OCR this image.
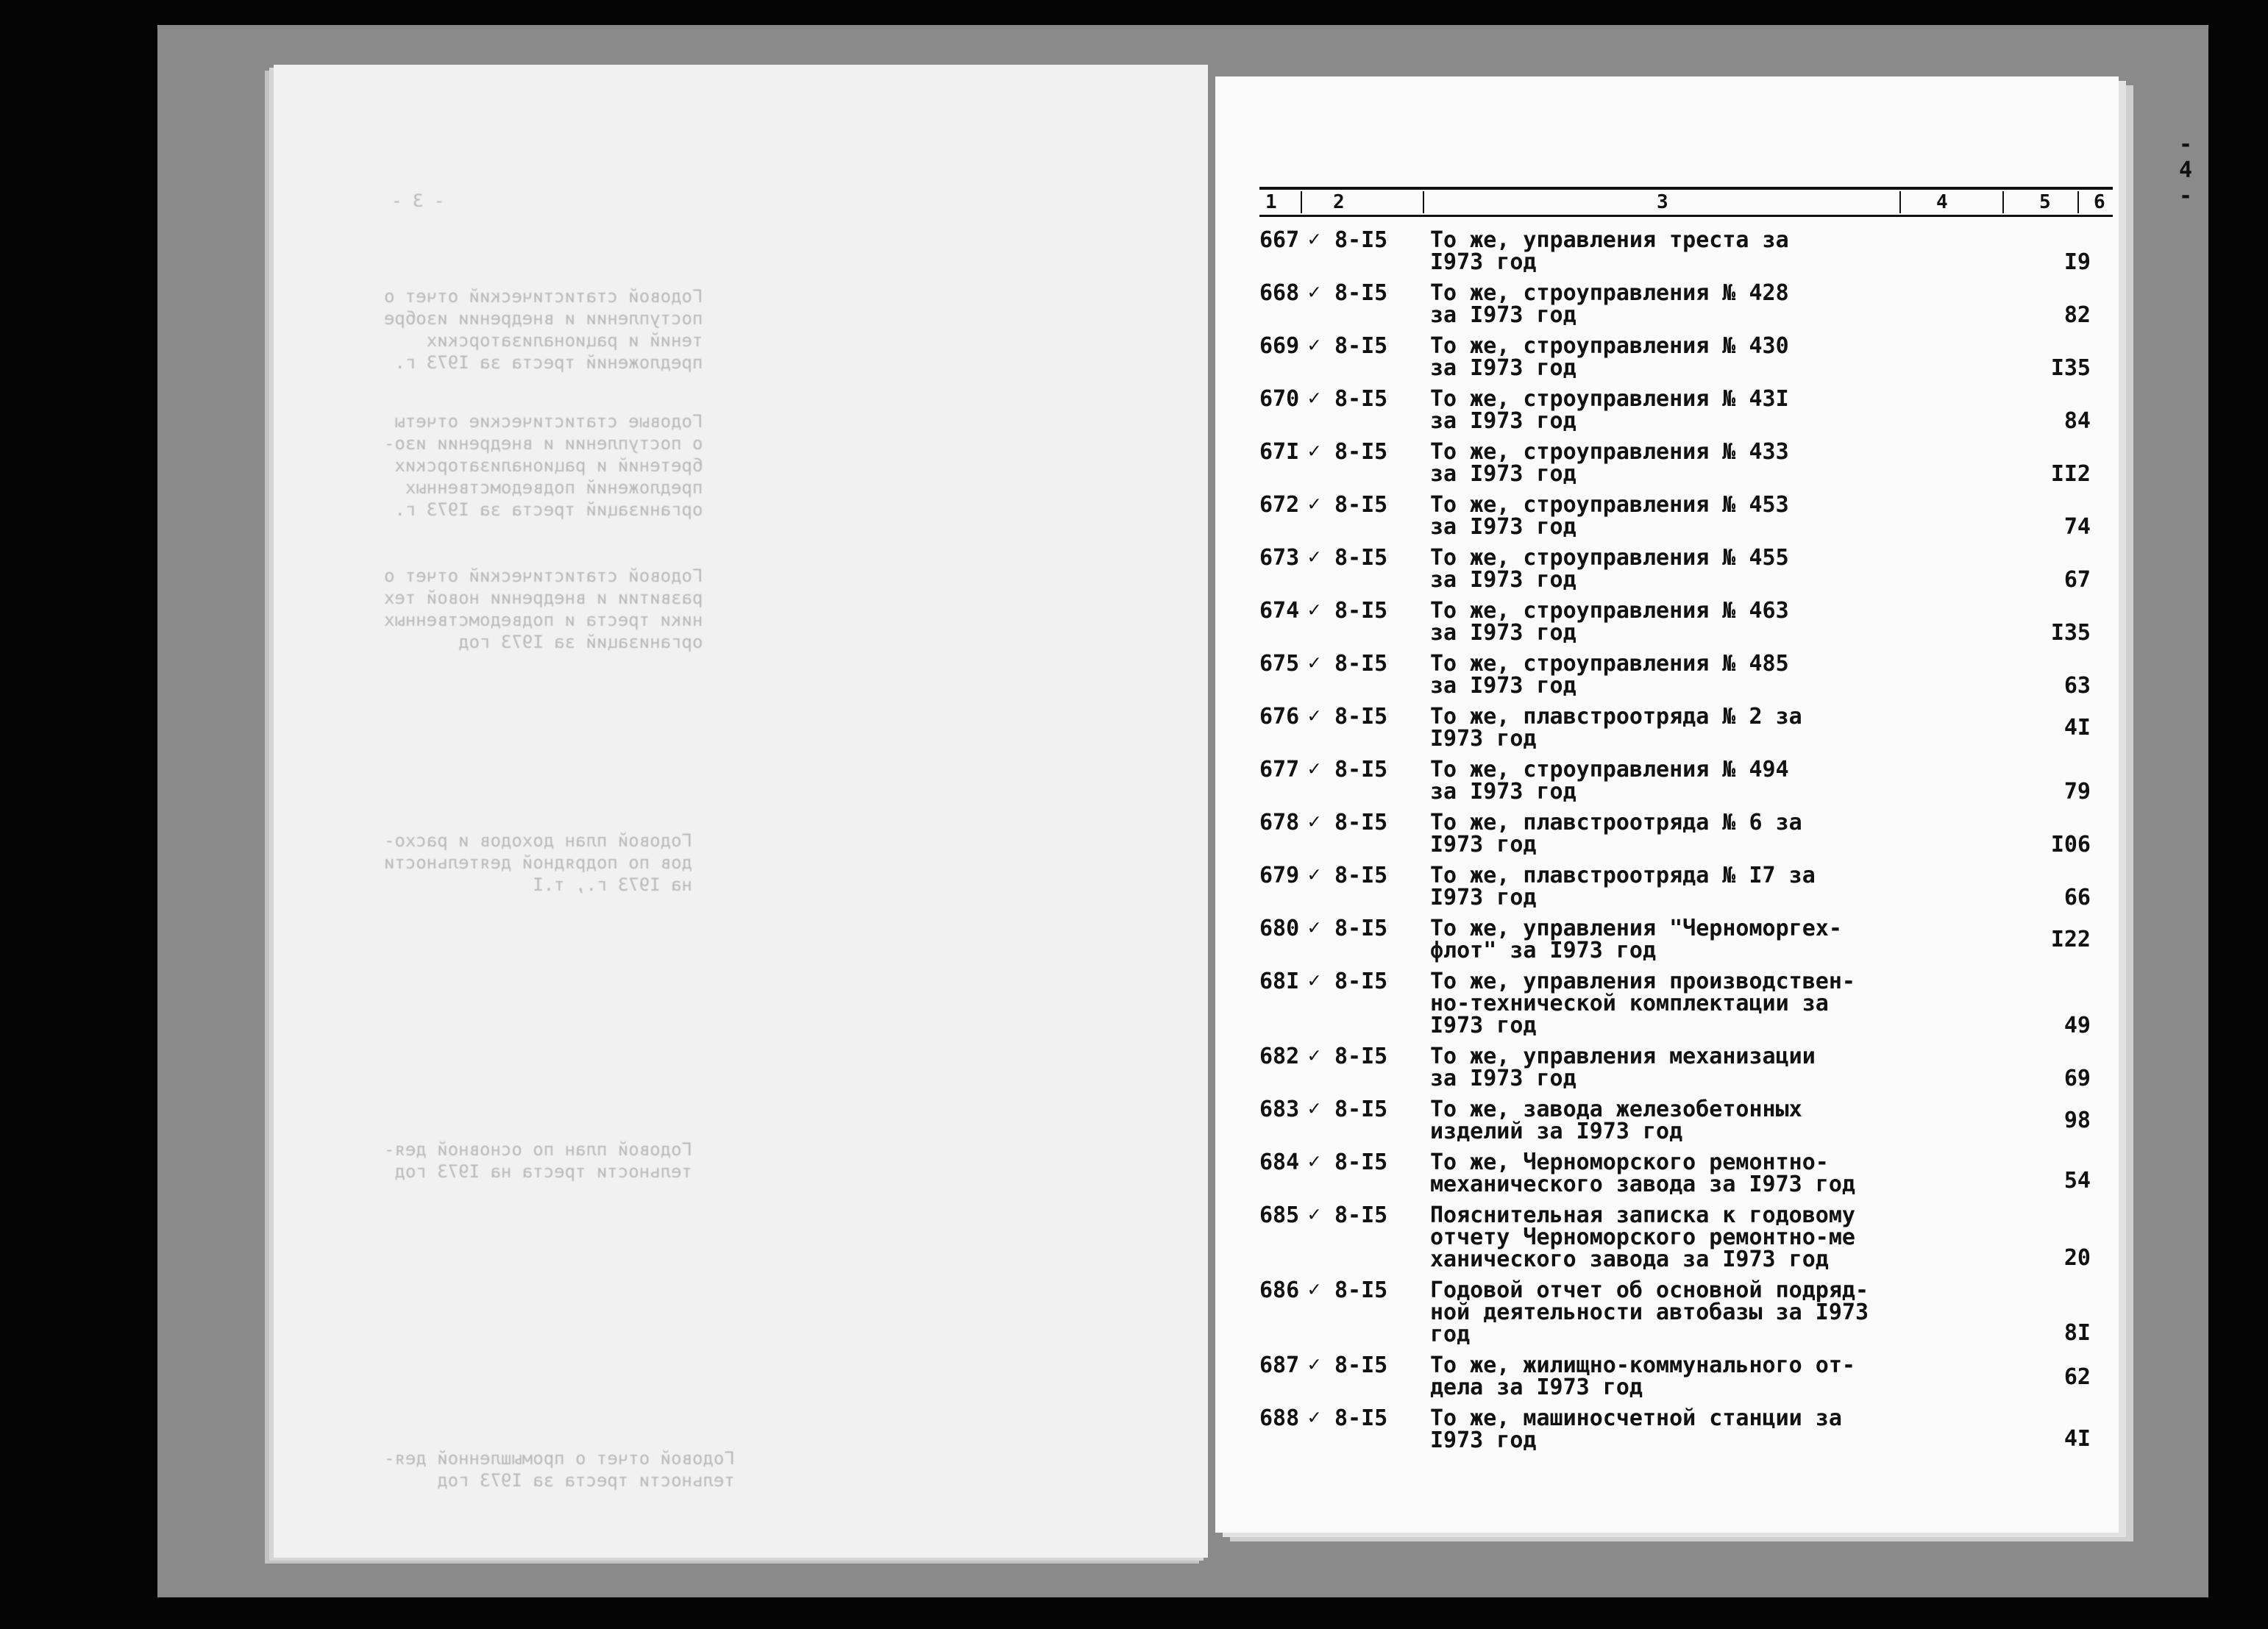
- 3 -
Годовой статистический отчет о
поступлении и внедрении изобре
тений и рационализаторских
предложений треста за I973 г.
Годовые статистические отчеты
о поступлении и внедрении изо-
бретений и рационализаторских
предложений подведомственных
организаций треста за I973 г.
Годовой статистический отчет о
развитии и внедрении новой тех
ники треста и подведомственных
организаций за I973 год
Годовой план доходов и расхо-
дов по подрядной деятельности
на I973 г., т.I
Годовой план по основной дея-
тельности треста на I973 год
Годовой отчет о промышленной дея-
тельности треста за I973 год
- 4 -
1	2	3	4	5 6
667 ✓ 8-I5	То же, управления треста за
I973 год	I9
668 ✓ 8-I5	То же, строуправления № 428
за I973 год	82
669 ✓ 8-I5	То же, строуправления № 430
за I973 год	I35
670 ✓ 8-I5	То же, строуправления № 43I
за I973 год	84
67I ✓ 8-I5	То же, строуправления № 433
за I973 год	II2
672 ✓ 8-I5	То же, строуправления № 453
за I973 год	74
673 ✓ 8-I5	То же, строуправления № 455
за I973 год	67
674 ✓ 8-I5	То же, строуправления № 463
за I973 год	I35
675 ✓ 8-I5	То же, строуправления № 485
за I973 год	63
676 ✓ 8-I5	То же, плавстроотряда № 2 за
I973 год	4I
677 ✓ 8-I5	То же, строуправления № 494
за I973 год	79
678 ✓ 8-I5	То же, плавстроотряда № 6 за
I973 год	I06
679 ✓ 8-I5	То же, плавстроотряда № I7 за
I973 год	66
680 ✓ 8-I5	То же, управления "Черноморгех-
флот" за I973 год	I22
68I ✓ 8-I5	То же, управления производствен-
но-технической комплектации за
I973 год	49
682 ✓ 8-I5	То же, управления механизации
за I973 год	69
683 ✓ 8-I5	То же, завода железобетонных
изделий за I973 год	98
684 ✓ 8-I5	То же, Черноморского ремонтно-
механического завода за I973 год	54
685 ✓ 8-I5	Пояснительная записка к годовому
отчету Черноморского ремонтно-ме
ханического завода за I973 год	20
686 ✓ 8-I5	Годовой отчет об основной подряд-
ной деятельности автобазы за I973
год	8I
687 ✓ 8-I5	То же, жилищно-коммунального от-
дела за I973 год	62
688 ✓ 8-I5	То же, машиносчетной станции за
I973 год	4I
